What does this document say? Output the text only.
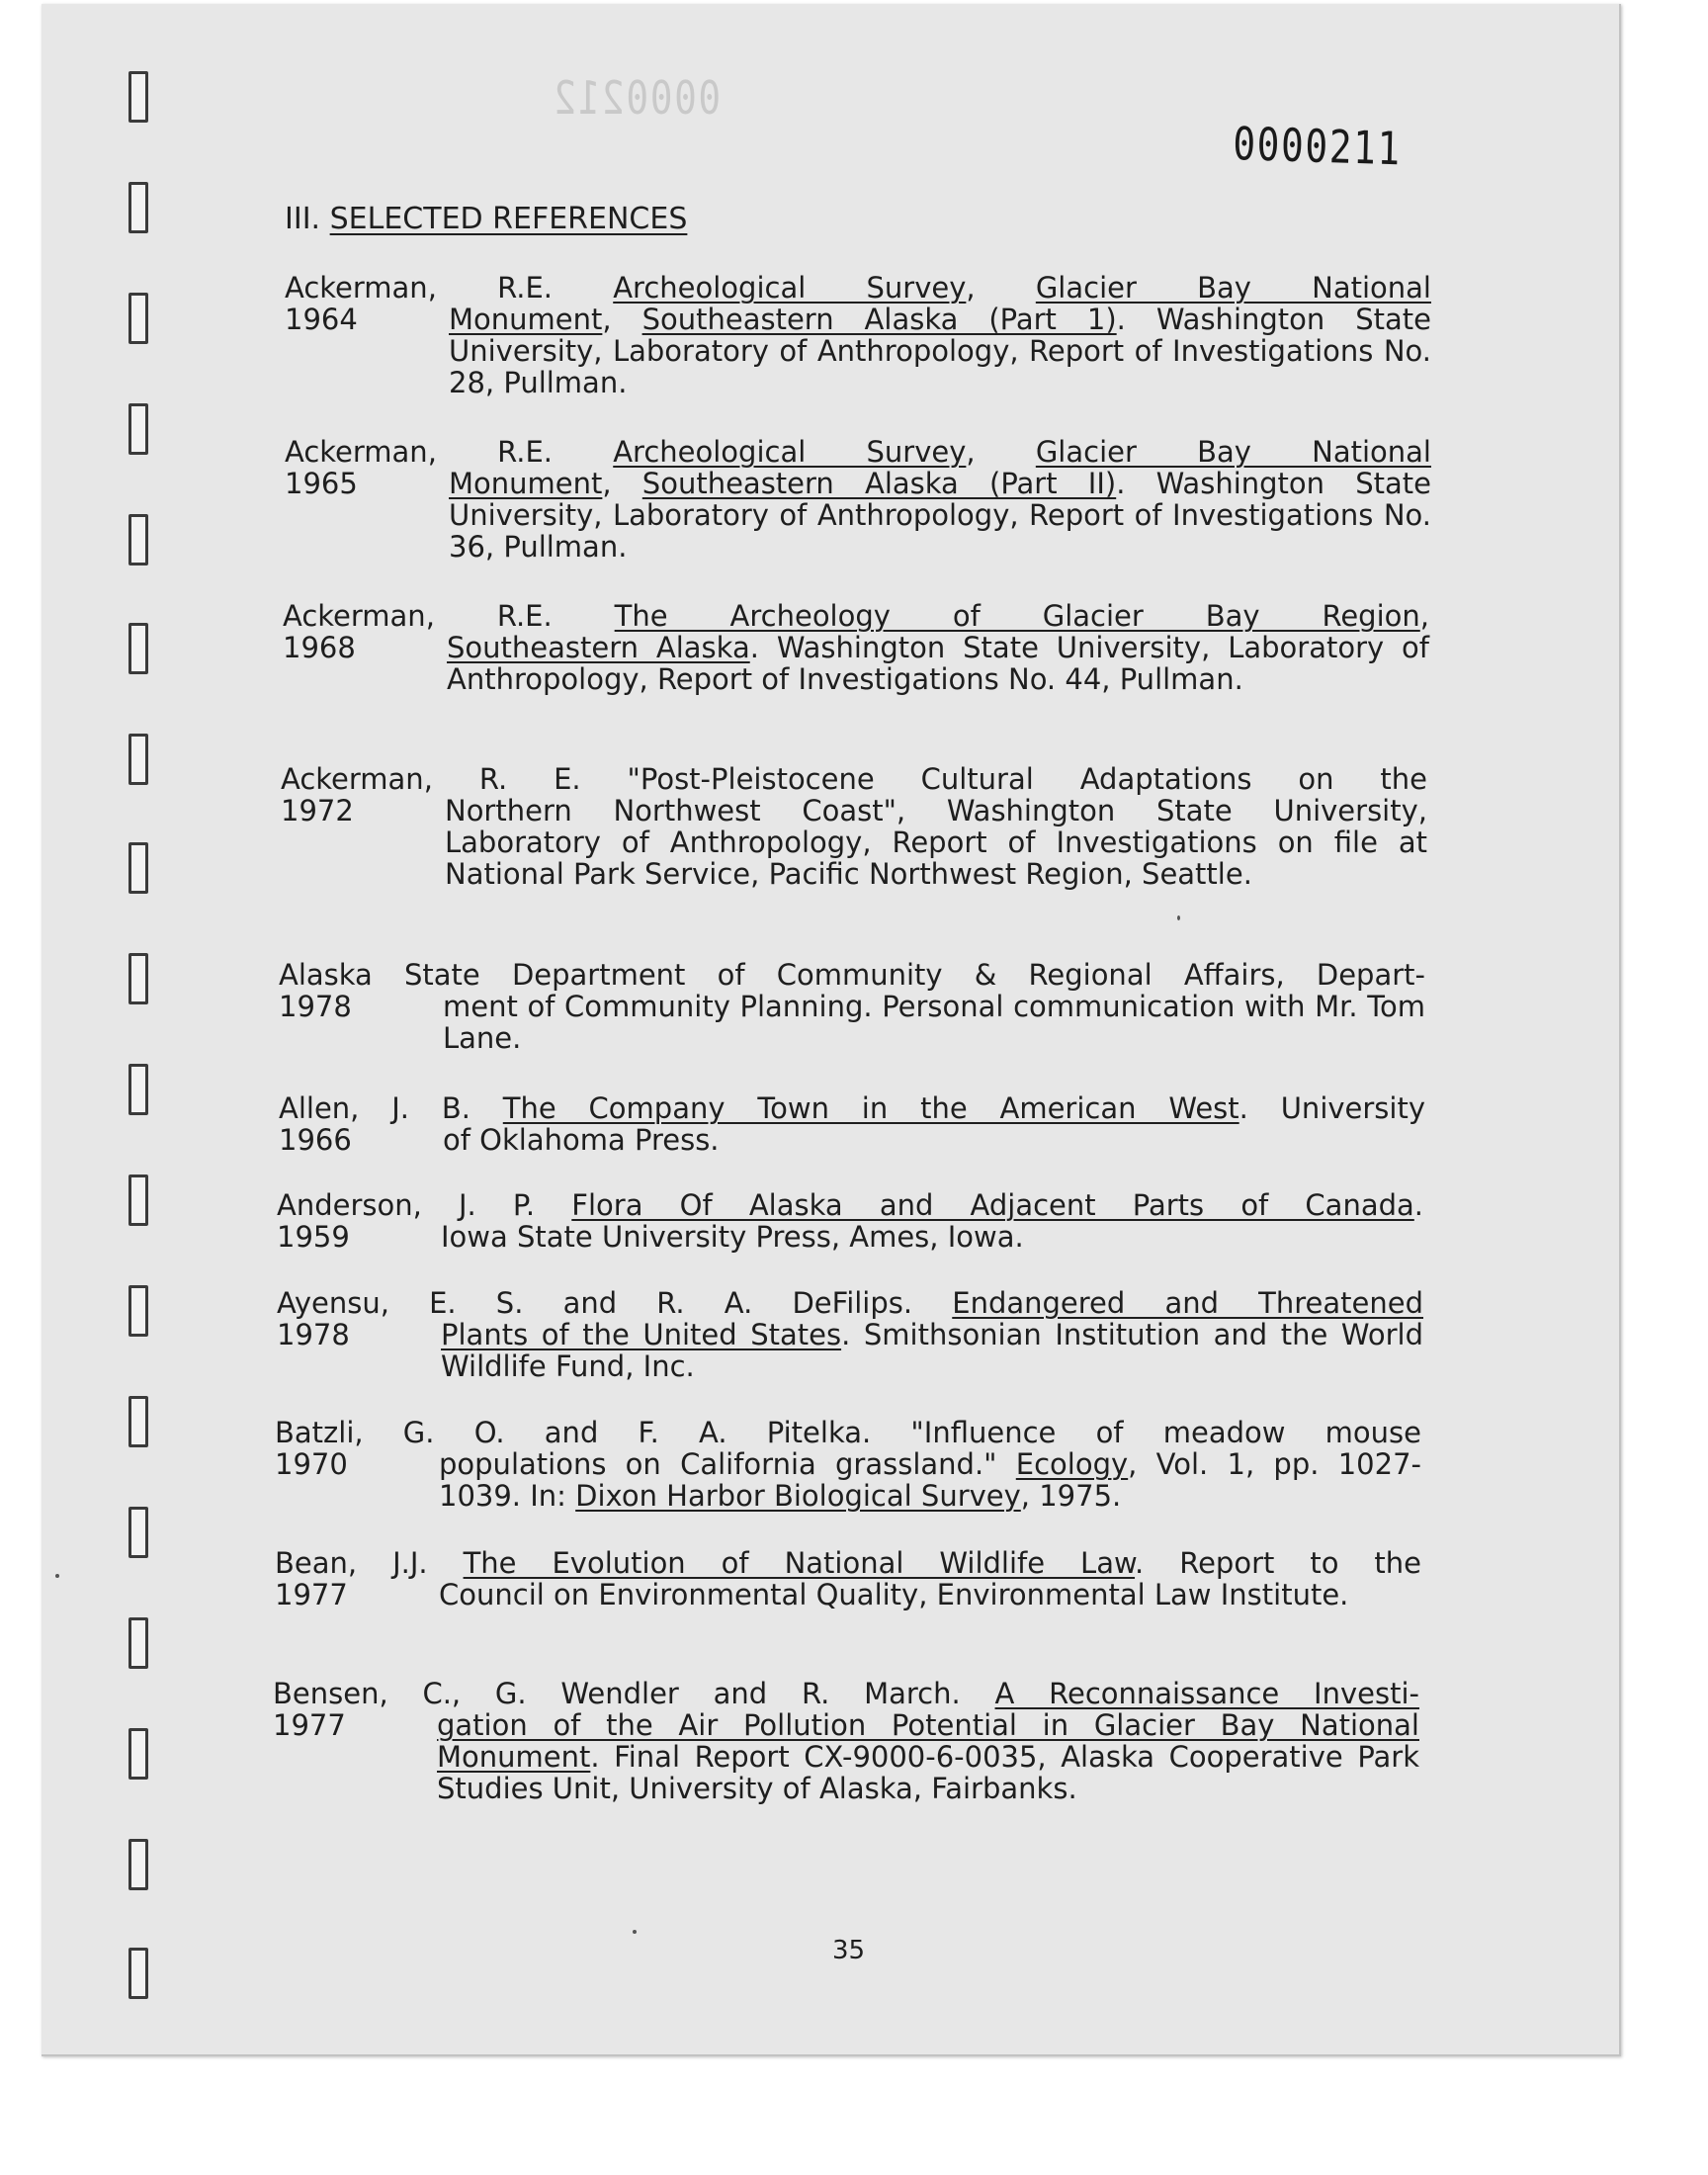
0000212
0000211
III. SELECTED REFERENCES
Ackerman, R.E. Archeological Survey, Glacier Bay National
1964	Monument, Southeastern Alaska (Part 1). Washington State University, Laboratory of Anthropology, Report of Investigations No. 28, Pullman.
Ackerman, R.E. Archeological Survey, Glacier Bay National
1965	Monument, Southeastern Alaska (Part II). Washington State University, Laboratory of Anthropology, Report of Investigations No. 36, Pullman.
Ackerman, R.E. The Archeology of Glacier Bay Region,
1968	Southeastern Alaska. Washington State University, Laboratory of Anthropology, Report of Investigations No. 44, Pullman.
Ackerman, R. E. "Post-Pleistocene Cultural Adaptations on the
1972	Northern Northwest Coast", Washington State University, Laboratory of Anthropology, Report of Investigations on file at National Park Service, Pacific Northwest Region, Seattle.
Alaska State Department of Community & Regional Affairs, Depart-
1978	ment of Community Planning. Personal communication with Mr. Tom Lane.
Allen, J. B. The Company Town in the American West. University
1966	of Oklahoma Press.
Anderson, J. P. Flora Of Alaska and Adjacent Parts of Canada.
1959	Iowa State University Press, Ames, Iowa.
Ayensu, E. S. and R. A. DeFilips. Endangered and Threatened
1978	Plants of the United States. Smithsonian Institution and the World Wildlife Fund, Inc.
Batzli, G. O. and F. A. Pitelka. "Influence of meadow mouse
1970	populations on California grassland." Ecology, Vol. 1, pp. 1027-1039. In: Dixon Harbor Biological Survey, 1975.
Bean, J.J. The Evolution of National Wildlife Law. Report to the
1977	Council on Environmental Quality, Environmental Law Institute.
Bensen, C., G. Wendler and R. March. A Reconnaissance Investi-
1977	gation of the Air Pollution Potential in Glacier Bay National Monument. Final Report CX-9000-6-0035, Alaska Cooperative Park Studies Unit, University of Alaska, Fairbanks.
35
